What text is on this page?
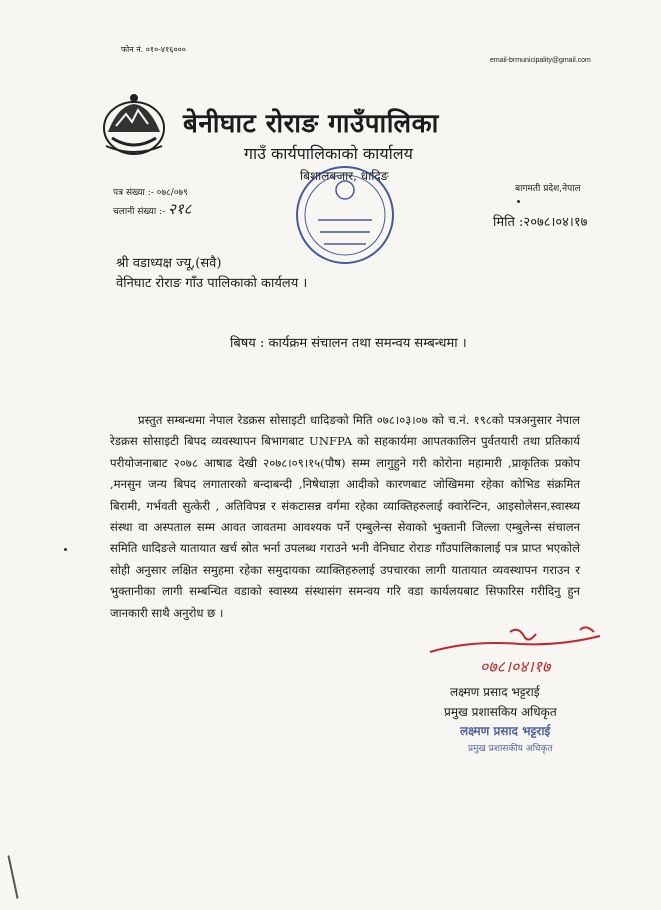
फोन नं. ०१०-४१६०००
email-brmunicipality@gmail.com
बेनीघाट रोराङ गाउँपालिका
गाउँ कार्यपालिकाको कार्यालय
बिशालबजार, धादिङ
बागमती प्रदेश,नेपाल
पत्र संख्या :- ०७८/०७९
चलानी संख्या :- २१८
मिति :२०७८।०४।१७
श्री वडाध्यक्ष ज्यू,(सवै)
वेनिघाट रोराङ गाँउ पालिकाको कार्यलय ।
बिषय : कार्यक्रम संचालन तथा समन्वय सम्बन्धमा ।
प्रस्तुत सम्बन्धमा नेपाल रेडक्रस सोसाइटी धादिङको मिति ०७८।०३।०७ को च.नं. १९८को पत्रअनुसार नेपाल रेडक्रस सोसाइटी बिपद व्यवस्थापन बिभागबाट UNFPA को सहकार्यमा आपतकालिन पुर्वतयारी तथा प्रतिकार्य परीयोजनाबाट २०७८ आषाढ देखी २०७८।०९।१५(पौष) सम्म लागुहुने गरी कोरोना महामारी ,प्राकृतिक प्रकोप ,मनसुन जन्य बिपद लगातारको बन्दाबन्दी ,निषेधाज्ञा आदीको कारणबाट जोखिममा रहेका कोभिड संक्रमित बिरामी, गर्भवती सुत्केरी , अतिविपन्न र संकटासन्न वर्गमा रहेका व्याक्तिहरुलाई क्वारेन्टिन, आइसोलेसन,स्वास्थ्य संस्था वा अस्पताल सम्म आवत जावतमा आवश्यक पर्ने एम्बुलेन्स सेवाको भुक्तानी जिल्ला एम्बुलेन्स संचालन समिति धादिङले यातायात खर्च स्रोत भर्ना उपलब्ध गराउने भनी वेनिघाट रोराङ गाँउपालिकालाई पत्र प्राप्त भएकोले सोही अनुसार लक्षित समुहमा रहेका समुदायका व्याक्तिहरुलाई उपचारका लागी यातायात व्यवस्थापन गराउन र भुक्तानीका लागी सम्बन्धित वडाको स्वास्थ्य संस्थासंग समन्वय गरि वडा कार्यलयबाट सिफारिस गरीदिनु हुन जानकारी साथै अनुरोध छ ।
०७८।०४।१७
लक्ष्मण प्रसाद भट्टराई
प्रमुख प्रशासकिय अधिकृत
लक्ष्मण प्रसाद भट्टराई
प्रमुख प्रशासकीय अधिकृत
